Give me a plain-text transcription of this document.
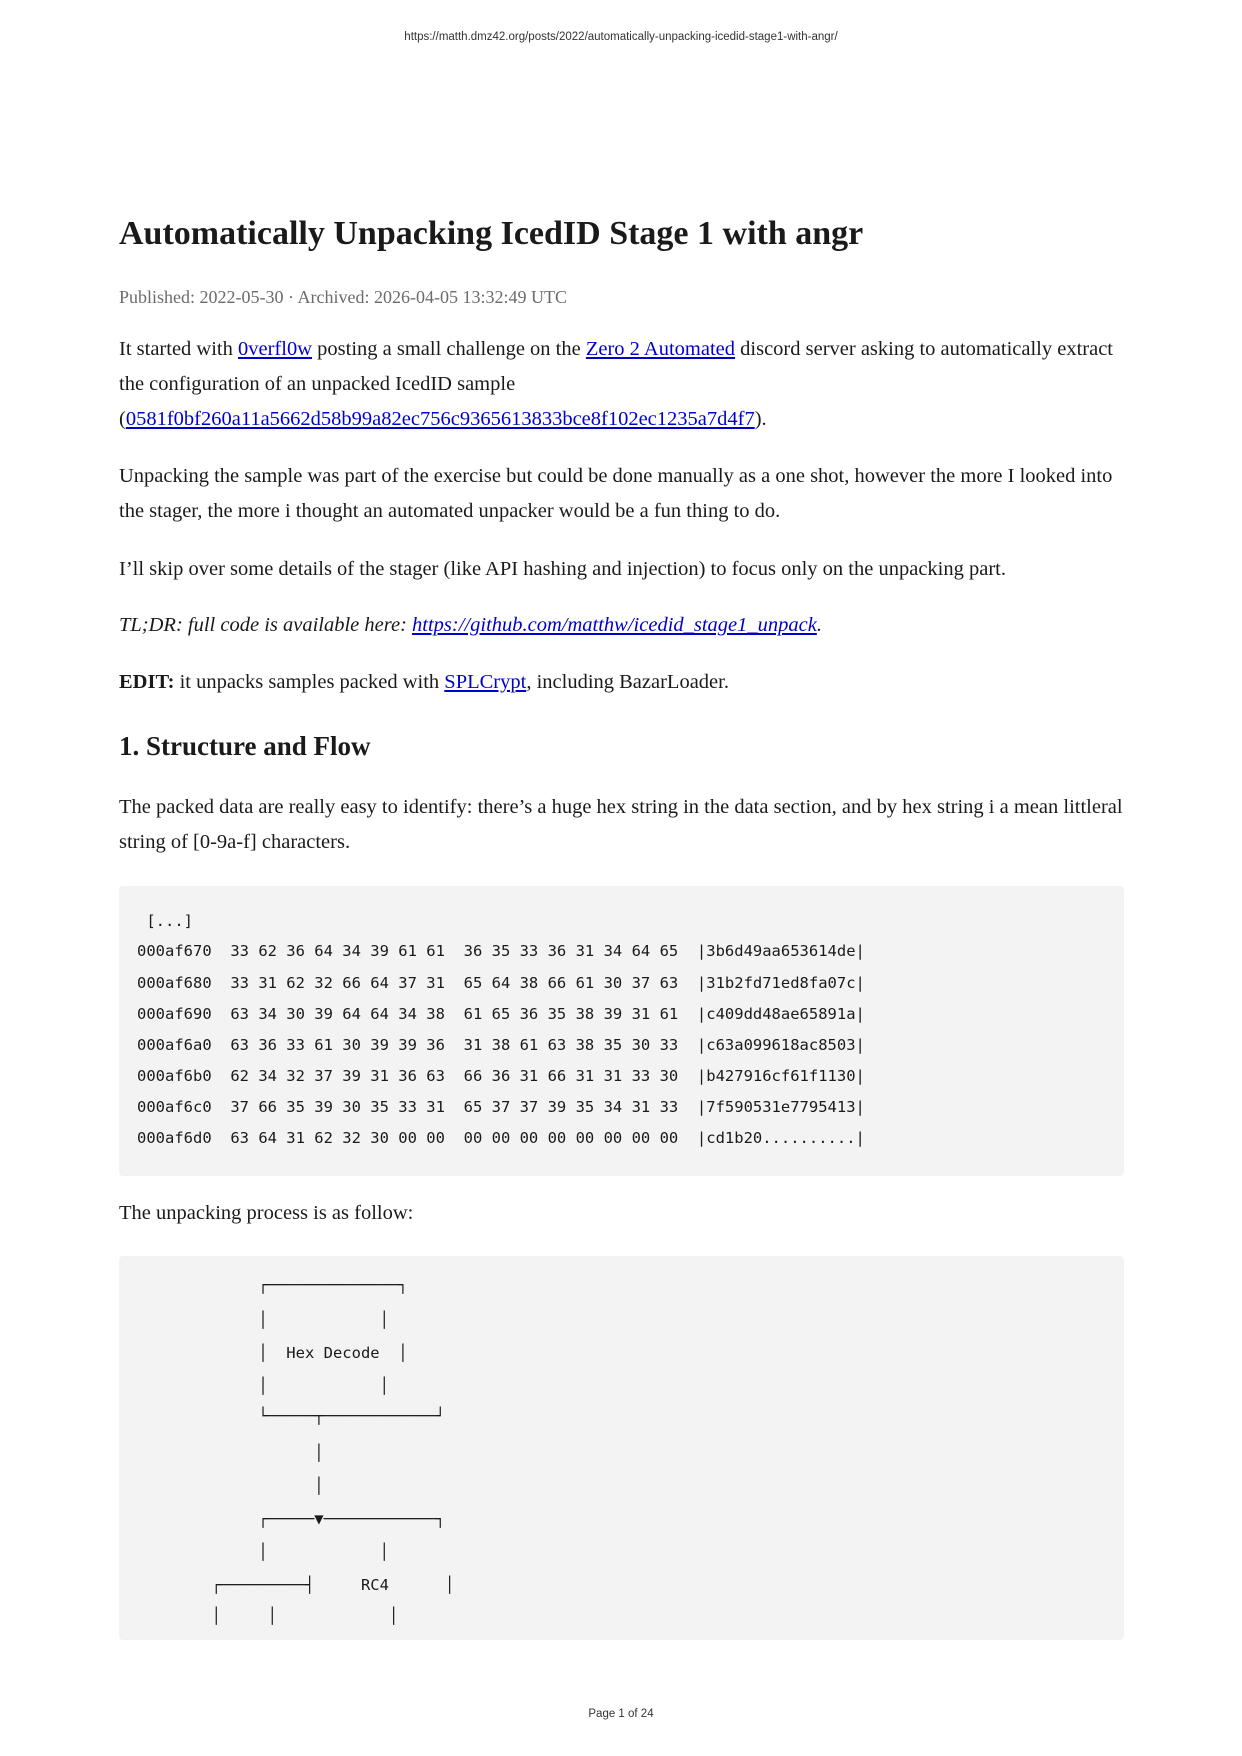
https://matth.dmz42.org/posts/2022/automatically-unpacking-icedid-stage1-with-angr/
Automatically Unpacking IcedID Stage 1 with angr
Published: 2022-05-30 · Archived: 2026-04-05 13:32:49 UTC

It started with 0verfl0w posting a small challenge on the Zero 2 Automated discord server asking to automatically extract the configuration of an unpacked IcedID sample (0581f0bf260a11a5662d58b99a82ec756c9365613833bce8f102ec1235a7d4f7).

Unpacking the sample was part of the exercise but could be done manually as a one shot, however the more I looked into the stager, the more i thought an automated unpacker would be a fun thing to do.

I’ll skip over some details of the stager (like API hashing and injection) to focus only on the unpacking part.

TL;DR: full code is available here: https://github.com/matthw/icedid_stage1_unpack.

EDIT: it unpacks samples packed with SPLCrypt, including BazarLoader.

1. Structure and Flow

The packed data are really easy to identify: there’s a huge hex string in the data section, and by hex string i a mean littleral string of [0-9a-f] characters.

[...]
000af670  33 62 36 64 34 39 61 61  36 35 33 36 31 34 64 65  |3b6d49aa653614de|
000af680  33 31 62 32 66 64 37 31  65 64 38 66 61 30 37 63  |31b2fd71ed8fa07c|
000af690  63 34 30 39 64 64 34 38  61 65 36 35 38 39 31 61  |c409dd48ae65891a|
000af6a0  63 36 33 61 30 39 39 36  31 38 61 63 38 35 30 33  |c63a099618ac8503|
000af6b0  62 34 32 37 39 31 36 63  66 36 31 66 31 31 33 30  |b427916cf61f1130|
000af6c0  37 66 35 39 30 35 33 31  65 37 37 39 35 34 31 33  |7f590531e7795413|
000af6d0  63 64 31 62 32 30 00 00  00 00 00 00 00 00 00 00  |cd1b20..........|

The unpacking process is as follow:

┌──────────────┐
│            │
│  Hex Decode  │
│            │
└─────┬────────────┘
│
│
┌─────▼────────────┐
│            │
┌─────────┤     RC4      │
│     │            │
Page 1 of 24
